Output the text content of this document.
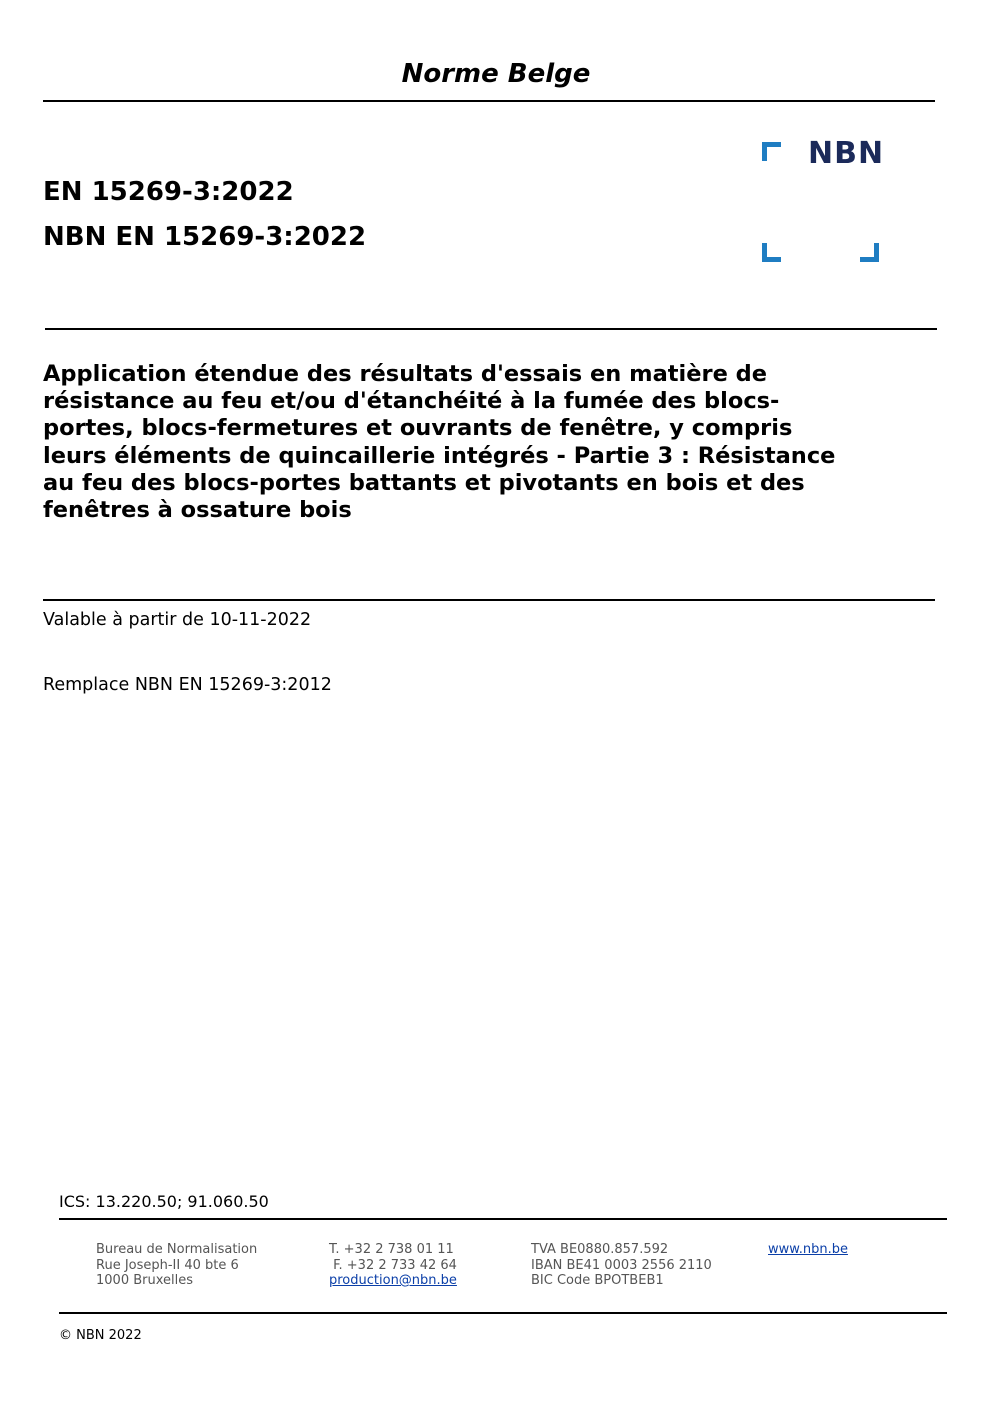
Norme Belge
EN 15269-3:2022
NBN EN 15269-3:2022
NBN
Application étendue des résultats d'essais en matière de
résistance au feu et/ou d'étanchéité à la fumée des blocs-
portes, blocs-fermetures et ouvrants de fenêtre, y compris
leurs éléments de quincaillerie intégrés - Partie 3 : Résistance
au feu des blocs-portes battants et pivotants en bois et des
fenêtres à ossature bois
Valable à partir de 10-11-2022
Remplace NBN EN 15269-3:2012
ICS: 13.220.50; 91.060.50
Bureau de Normalisation
Rue Joseph-II 40 bte 6
1000 Bruxelles
T. +32 2 738 01 11
F. +32 2 733 42 64
production@nbn.be
TVA BE0880.857.592
IBAN BE41 0003 2556 2110
BIC Code BPOTBEB1
www.nbn.be
© NBN 2022
